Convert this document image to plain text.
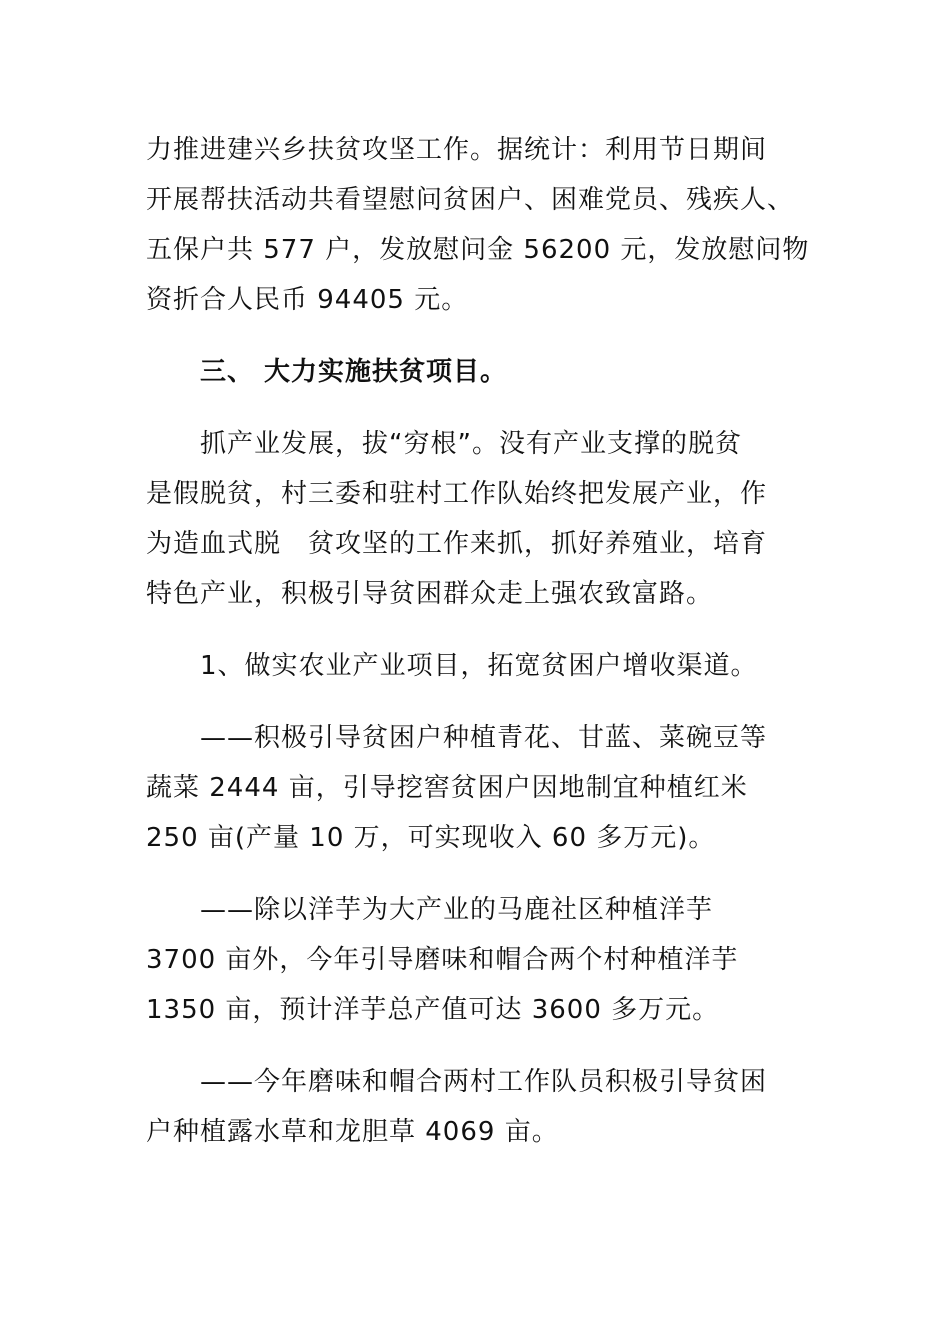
力推进建兴乡扶贫攻坚工作。据统计：利用节日期间
开展帮扶活动共看望慰问贫困户、困难党员、残疾人、
五保户共 577 户，发放慰问金 56200 元，发放慰问物
资折合人民币 94405 元。
三、 大力实施扶贫项目。
抓产业发展，拔“穷根”。没有产业支撑的脱贫
是假脱贫，村三委和驻村工作队始终把发展产业，作
为造血式脱　贫攻坚的工作来抓，抓好养殖业，培育
特色产业，积极引导贫困群众走上强农致富路。
1、做实农业产业项目，拓宽贫困户增收渠道。
——积极引导贫困户种植青花、甘蓝、菜碗豆等
蔬菜 2444 亩，引导挖窖贫困户因地制宜种植红米
250 亩(产量 10 万，可实现收入 60 多万元)。
——除以洋芋为大产业的马鹿社区种植洋芋
3700 亩外，今年引导磨味和帽合两个村种植洋芋
1350 亩，预计洋芋总产值可达 3600 多万元。
——今年磨味和帽合两村工作队员积极引导贫困
户种植露水草和龙胆草 4069 亩。
